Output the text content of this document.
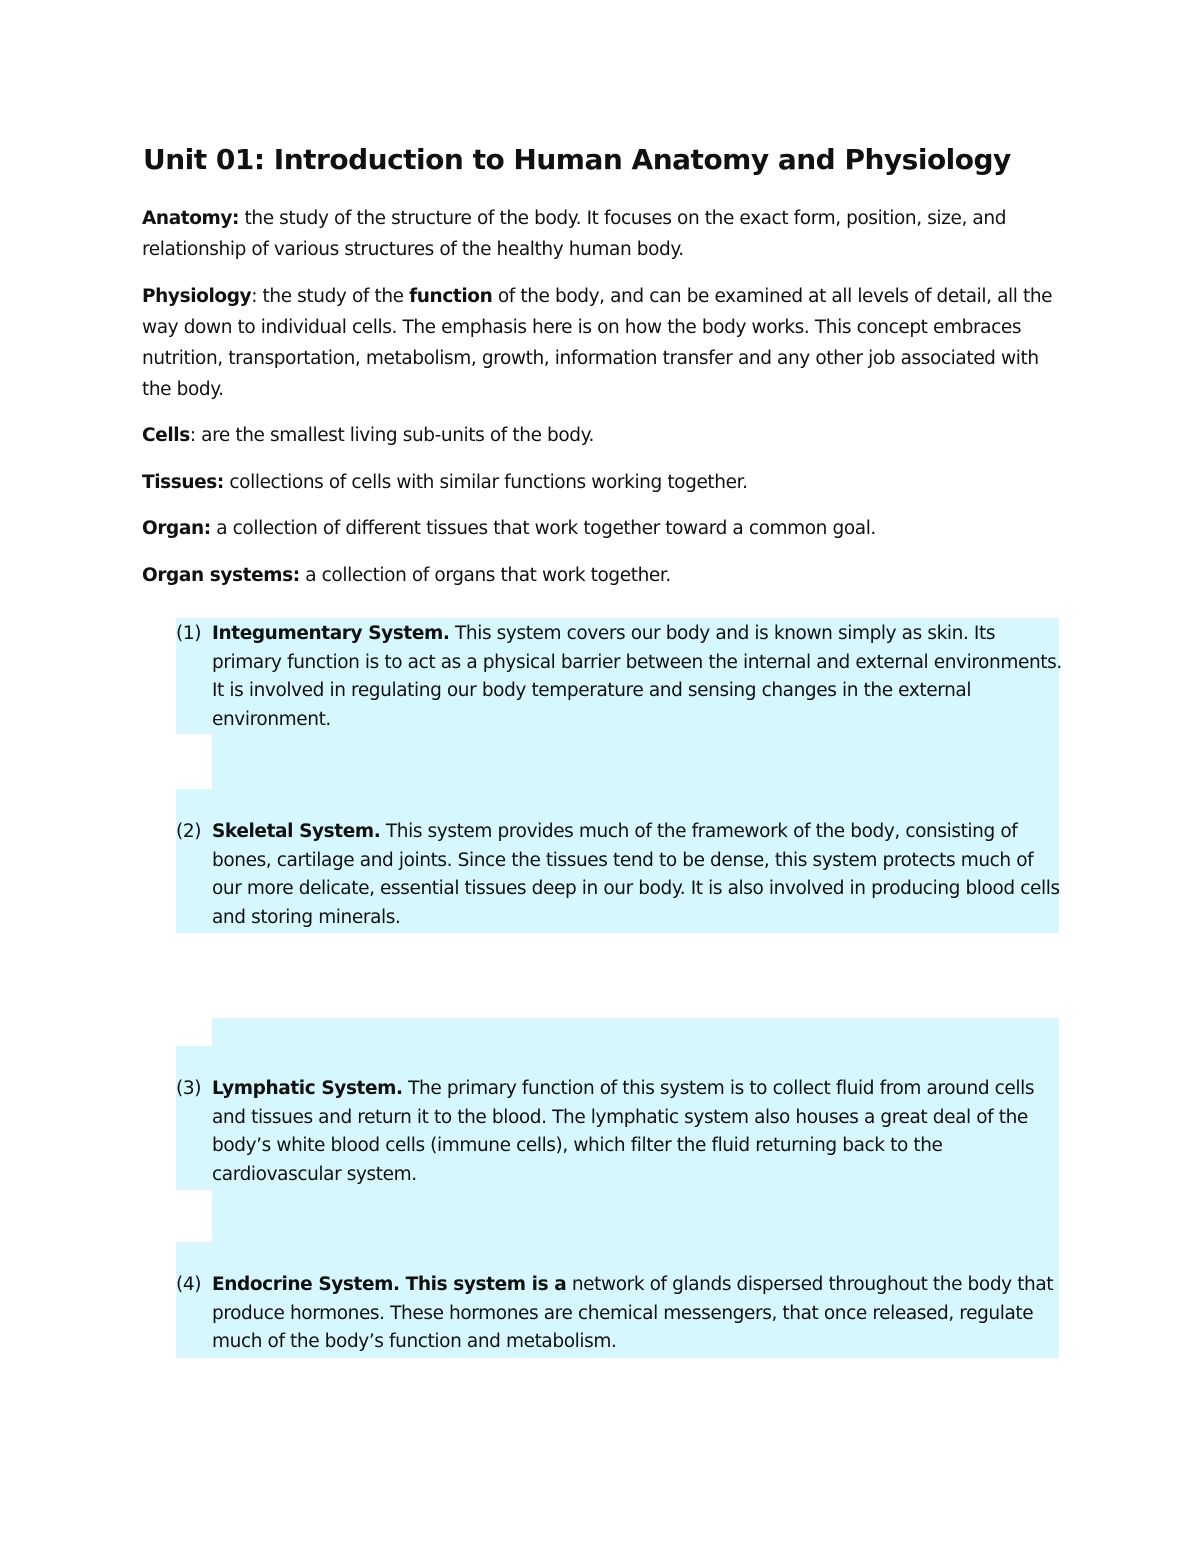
Unit 01: Introduction to Human Anatomy and Physiology

Anatomy: the study of the structure of the body. It focuses on the exact form, position, size, and relationship of various structures of the healthy human body.

Physiology: the study of the function of the body, and can be examined at all levels of detail, all the way down to individual cells. The emphasis here is on how the body works. This concept embraces nutrition, transportation, metabolism, growth, information transfer and any other job associated with the body.

Cells: are the smallest living sub-units of the body.

Tissues: collections of cells with similar functions working together.

Organ: a collection of different tissues that work together toward a common goal.

Organ systems: a collection of organs that work together.

(1) Integumentary System. This system covers our body and is known simply as skin. Its primary function is to act as a physical barrier between the internal and external environments. It is involved in regulating our body temperature and sensing changes in the external environment.
(2) Skeletal System. This system provides much of the framework of the body, consisting of bones, cartilage and joints. Since the tissues tend to be dense, this system protects much of our more delicate, essential tissues deep in our body. It is also involved in producing blood cells and storing minerals.
(3) Lymphatic System. The primary function of this system is to collect fluid from around cells and tissues and return it to the blood. The lymphatic system also houses a great deal of the body’s white blood cells (immune cells), which filter the fluid returning back to the cardiovascular system.
(4) Endocrine System. This system is a network of glands dispersed throughout the body that produce hormones. These hormones are chemical messengers, that once released, regulate much of the body’s function and metabolism.
